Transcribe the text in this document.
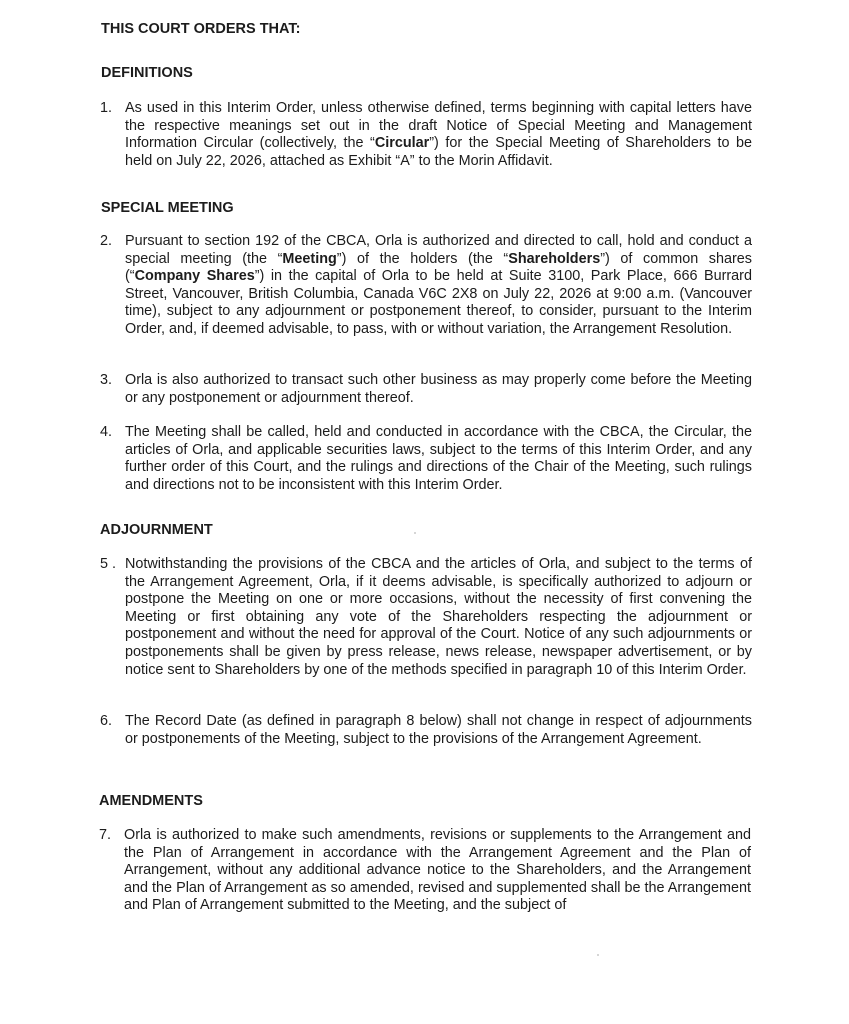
THIS COURT ORDERS THAT:
DEFINITIONS
1. As used in this Interim Order, unless otherwise defined, terms beginning with capital letters have the respective meanings set out in the draft Notice of Special Meeting and Management Information Circular (collectively, the “Circular”) for the Special Meeting of Shareholders to be held on July 22, 2026, attached as Exhibit “A” to the Morin Affidavit.
SPECIAL MEETING
2. Pursuant to section 192 of the CBCA, Orla is authorized and directed to call, hold and conduct a special meeting (the “Meeting”) of the holders (the “Shareholders”) of common shares (“Company Shares”) in the capital of Orla to be held at Suite 3100, Park Place, 666 Burrard Street, Vancouver, British Columbia, Canada V6C 2X8 on July 22, 2026 at 9:00 a.m. (Vancouver time), subject to any adjournment or postponement thereof, to consider, pursuant to the Interim Order, and, if deemed advisable, to pass, with or without variation, the Arrangement Resolution.
3. Orla is also authorized to transact such other business as may properly come before the Meeting or any postponement or adjournment thereof.
4. The Meeting shall be called, held and conducted in accordance with the CBCA, the Circular, the articles of Orla, and applicable securities laws, subject to the terms of this Interim Order, and any further order of this Court, and the rulings and directions of the Chair of the Meeting, such rulings and directions not to be inconsistent with this Interim Order.
ADJOURNMENT
5 . Notwithstanding the provisions of the CBCA and the articles of Orla, and subject to the terms of the Arrangement Agreement, Orla, if it deems advisable, is specifically authorized to adjourn or postpone the Meeting on one or more occasions, without the necessity of first convening the Meeting or first obtaining any vote of the Shareholders respecting the adjournment or postponement and without the need for approval of the Court. Notice of any such adjournments or postponements shall be given by press release, news release, newspaper advertisement, or by notice sent to Shareholders by one of the methods specified in paragraph 10 of this Interim Order.
6. The Record Date (as defined in paragraph 8 below) shall not change in respect of adjournments or postponements of the Meeting, subject to the provisions of the Arrangement Agreement.
AMENDMENTS
7. Orla is authorized to make such amendments, revisions or supplements to the Arrangement and the Plan of Arrangement in accordance with the Arrangement Agreement and the Plan of Arrangement, without any additional advance notice to the Shareholders, and the Arrangement and the Plan of Arrangement as so amended, revised and supplemented shall be the Arrangement and Plan of Arrangement submitted to the Meeting, and the subject of
